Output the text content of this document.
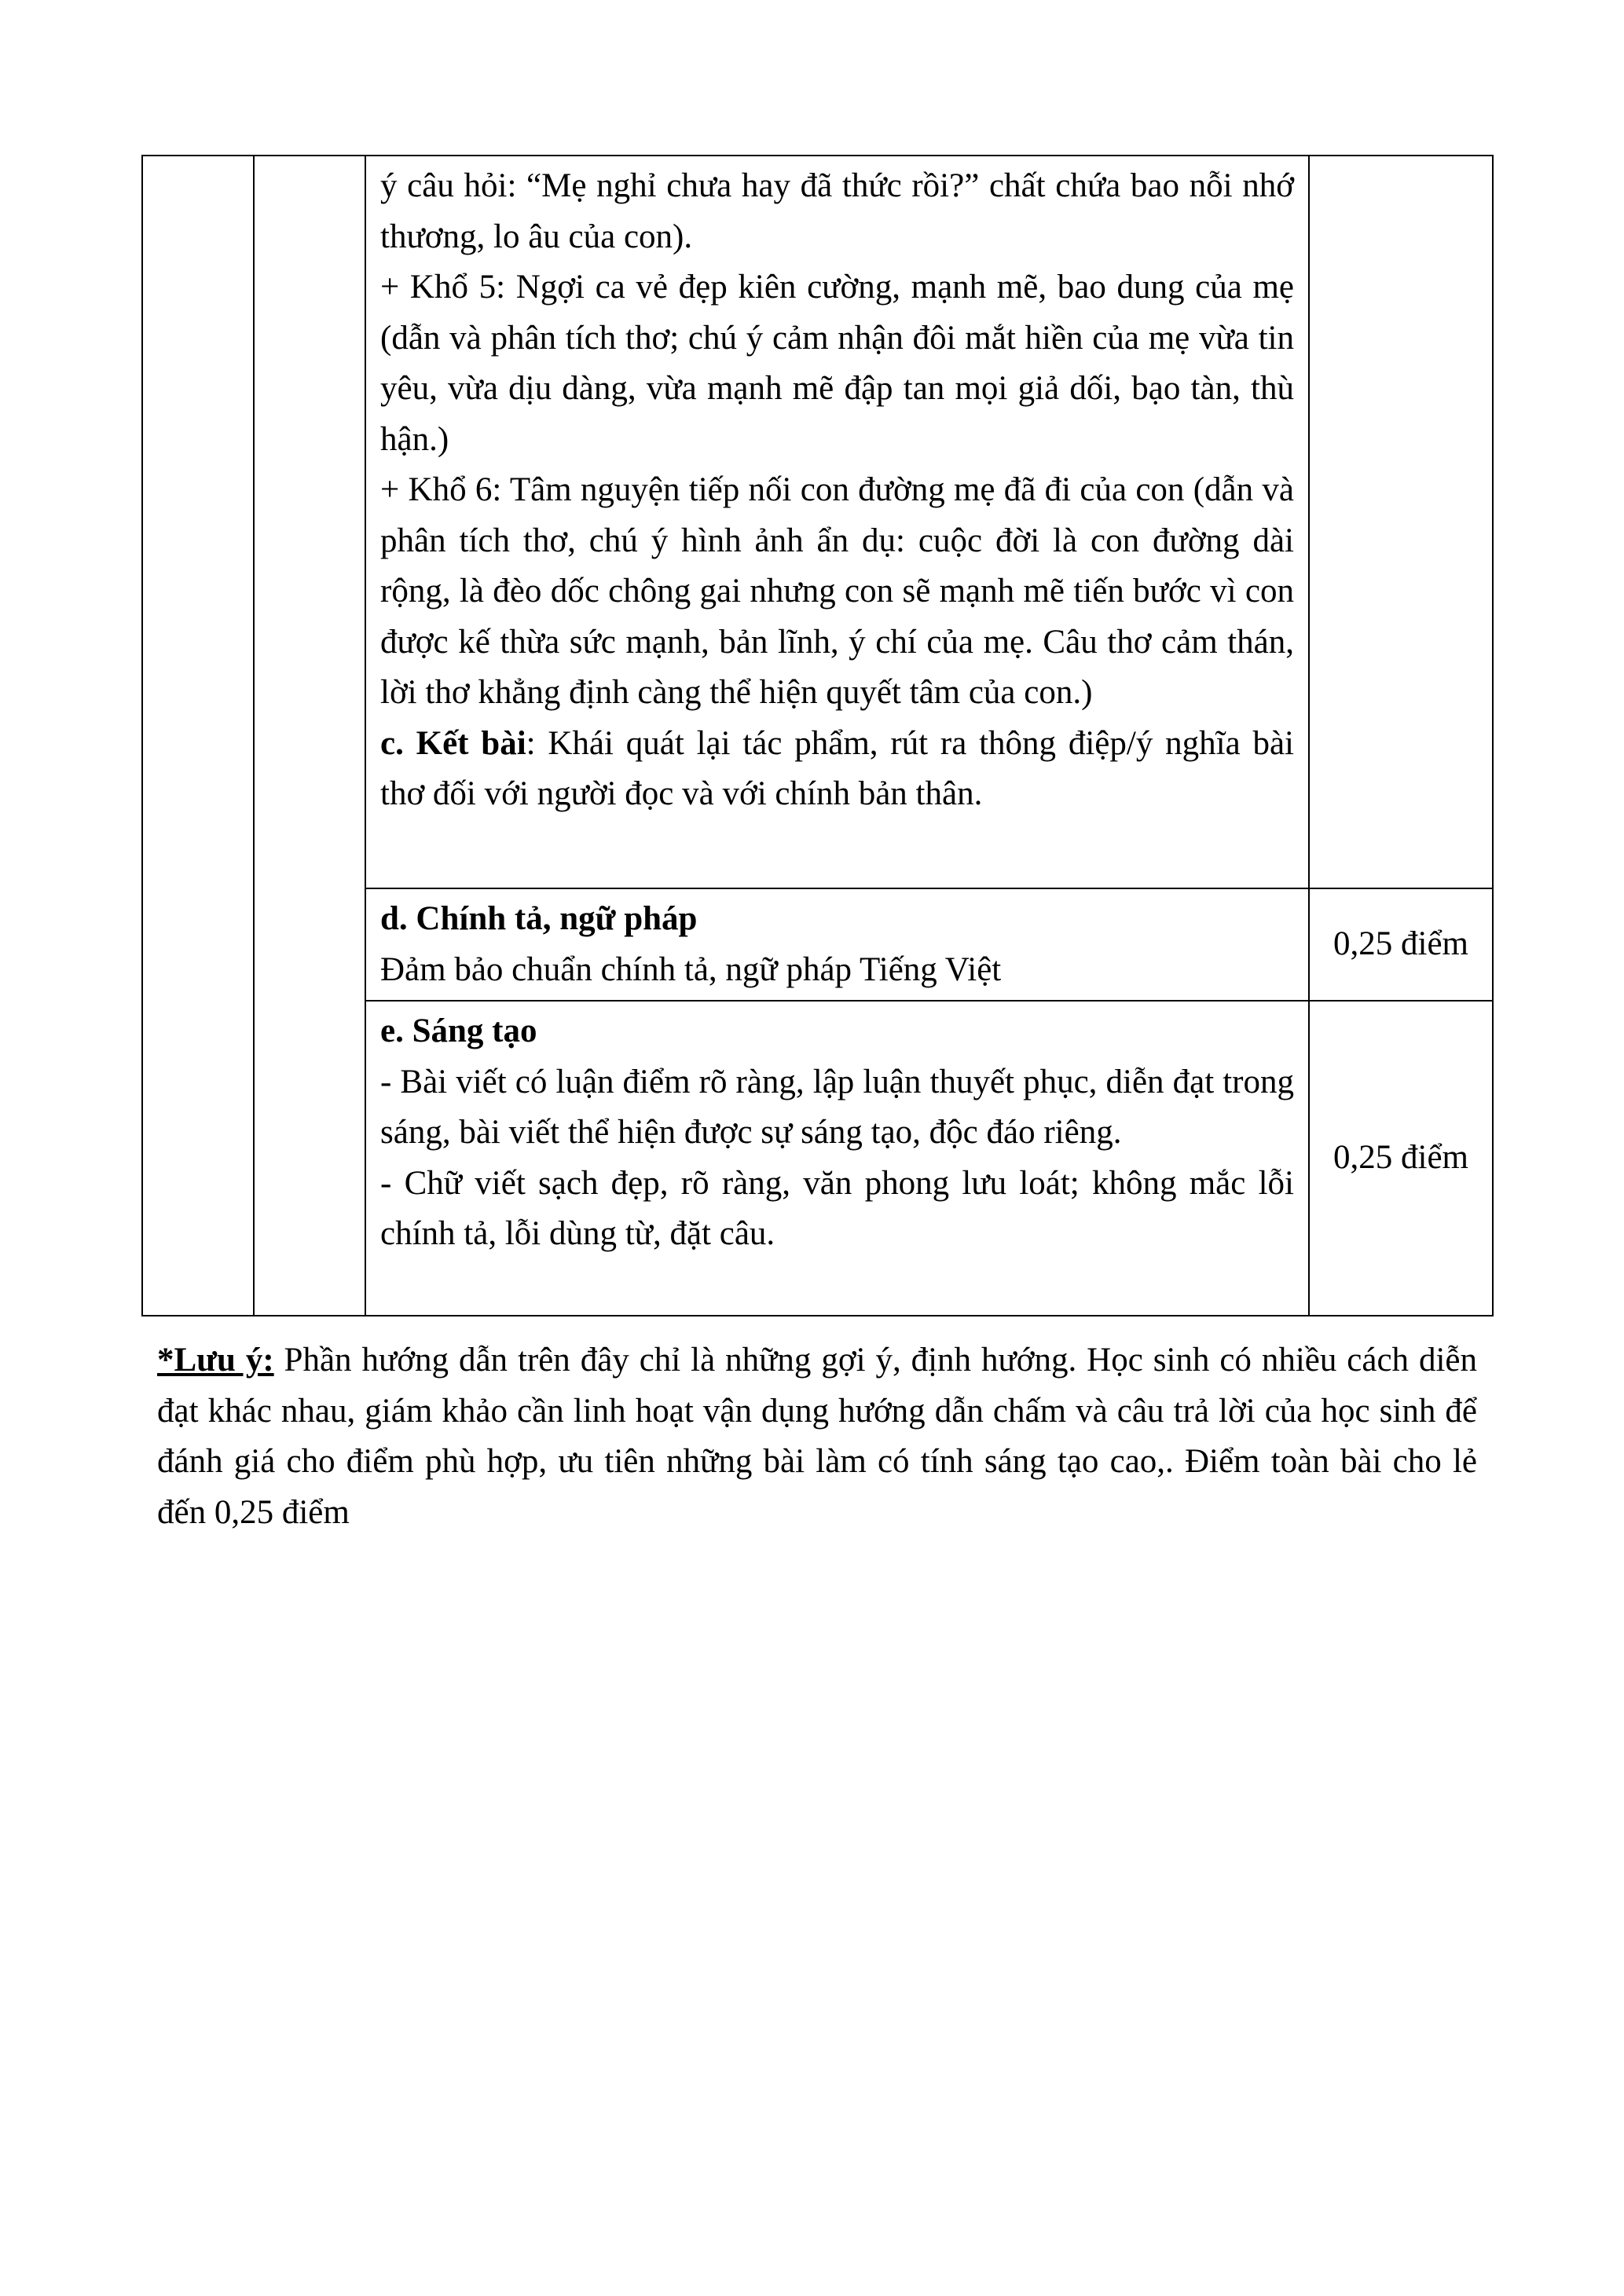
		ý câu hỏi: “Mẹ nghỉ chưa hay đã thức rồi?” chất chứa bao nỗi nhớ thương, lo âu của con).

+ Khổ 5: Ngợi ca vẻ đẹp kiên cường, mạnh mẽ, bao dung của mẹ (dẫn và phân tích thơ; chú ý cảm nhận đôi mắt hiền của mẹ vừa tin yêu, vừa dịu dàng, vừa mạnh mẽ đập tan mọi giả dối, bạo tàn, thù hận.)

+ Khổ 6: Tâm nguyện tiếp nối con đường mẹ đã đi của con (dẫn và phân tích thơ, chú ý hình ảnh ẩn dụ: cuộc đời là con đường dài rộng, là đèo dốc chông gai nhưng con sẽ mạnh mẽ tiến bước vì con được kế thừa sức mạnh, bản lĩnh, ý chí của mẹ. Câu thơ cảm thán, lời thơ khẳng định càng thể hiện quyết tâm của con.)

c. Kết bài: Khái quát lại tác phẩm, rút ra thông điệp/ý nghĩa bài thơ đối với người đọc và với chính bản thân.	

		d. Chính tả, ngữ pháp

Đảm bảo chuẩn chính tả, ngữ pháp Tiếng Việt	0,25 điểm

		e. Sáng tạo

- Bài viết có luận điểm rõ ràng, lập luận thuyết phục, diễn đạt trong sáng, bài viết thể hiện được sự sáng tạo, độc đáo riêng.

- Chữ viết sạch đẹp, rõ ràng, văn phong lưu loát; không mắc lỗi chính tả, lỗi dùng từ, đặt câu.	0,25 điểm

*Lưu ý: Phần hướng dẫn trên đây chỉ là những gợi ý, định hướng. Học sinh có nhiều cách diễn đạt khác nhau, giám khảo cần linh hoạt vận dụng hướng dẫn chấm và câu trả lời của học sinh để đánh giá cho điểm phù hợp, ưu tiên những bài làm có tính sáng tạo cao,. Điểm toàn bài cho lẻ đến 0,25 điểm
